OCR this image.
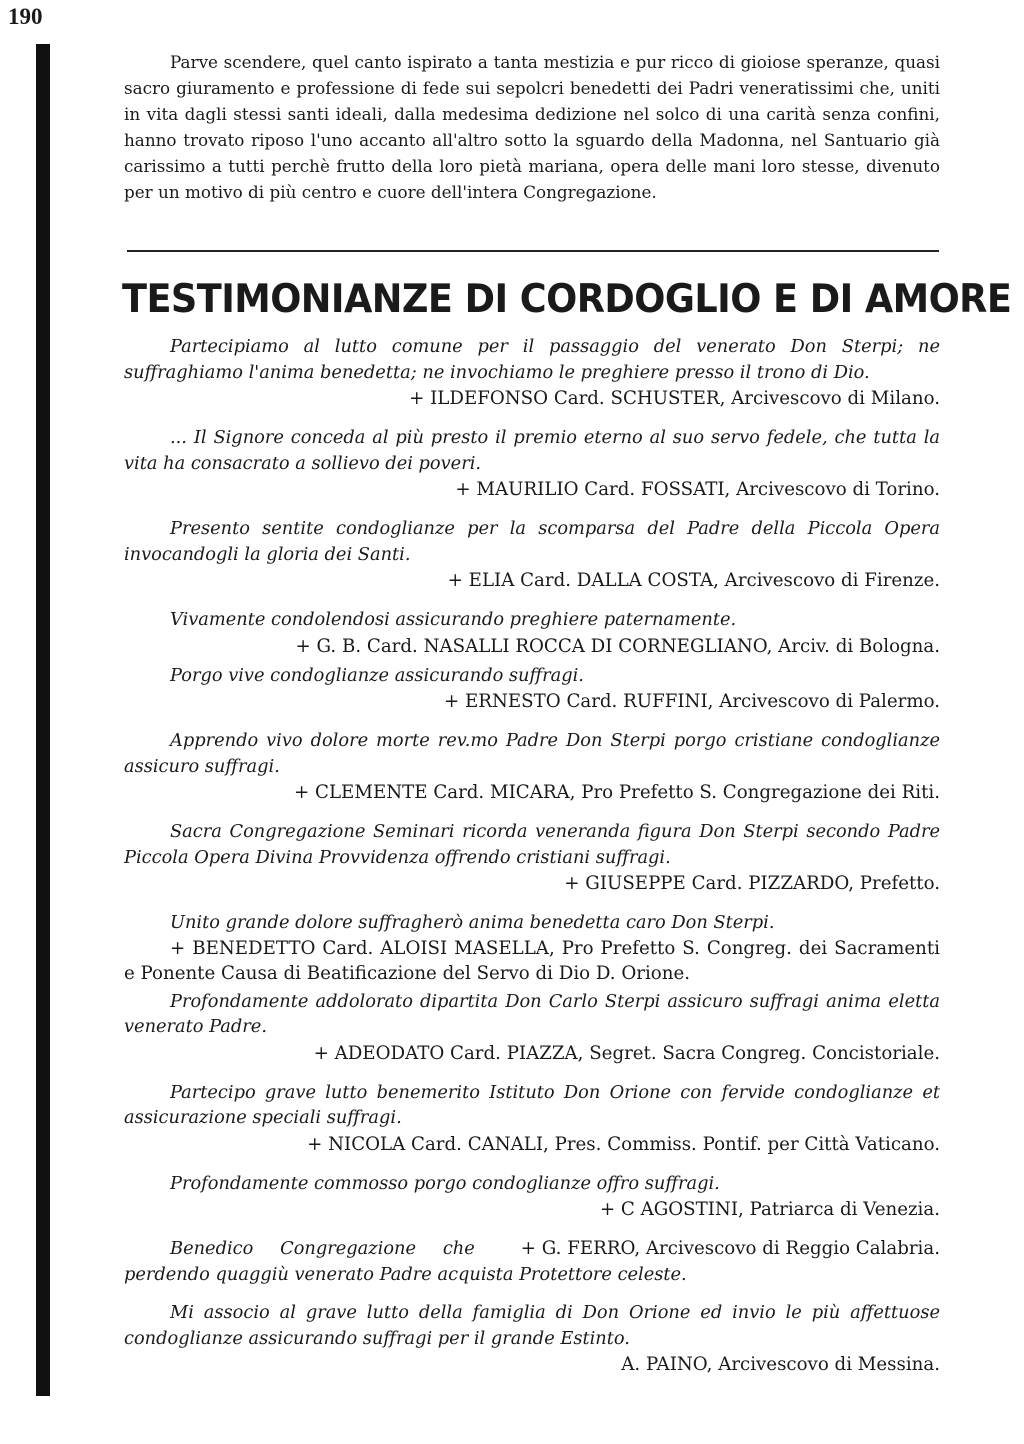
190

Parve scendere, quel canto ispirato a tanta mestizia e pur ricco di gioiose speranze, quasi sacro giuramento e professione di fede sui sepolcri benedetti dei Padri veneratissimi che, uniti in vita dagli stessi santi ideali, dalla medesima dedizione nel solco di una carità senza confini, hanno trovato riposo l'uno accanto all'altro sotto la sguardo della Madonna, nel Santuario già carissimo a tutti perchè frutto della loro pietà mariana, opera delle mani loro stesse, divenuto per un motivo di più centro e cuore dell'intera Congregazione.

TESTIMONIANZE DI CORDOGLIO E DI AMORE

Partecipiamo al lutto comune per il passaggio del venerato Don Sterpi; ne suffraghiamo l'anima benedetta; ne invochiamo le preghiere presso il trono di Dio.

+ ILDEFONSO Card. SCHUSTER, Arcivescovo di Milano.

... Il Signore conceda al più presto il premio eterno al suo servo fedele, che tutta la vita ha consacrato a sollievo dei poveri.

+ MAURILIO Card. FOSSATI, Arcivescovo di Torino.

Presento sentite condoglianze per la scomparsa del Padre della Piccola Opera invocandogli la gloria dei Santi.

+ ELIA Card. DALLA COSTA, Arcivescovo di Firenze.

Vivamente condolendosi assicurando preghiere paternamente.

+ G. B. Card. NASALLI ROCCA DI CORNEGLIANO, Arciv. di Bologna.

Porgo vive condoglianze assicurando suffragi.

+ ERNESTO Card. RUFFINI, Arcivescovo di Palermo.

Apprendo vivo dolore morte rev.mo Padre Don Sterpi porgo cristiane condoglianze assicuro suffragi.

+ CLEMENTE Card. MICARA, Pro Prefetto S. Congregazione dei Riti.

Sacra Congregazione Seminari ricorda veneranda figura Don Sterpi secondo Padre Piccola Opera Divina Provvidenza offrendo cristiani suffragi.

+ GIUSEPPE Card. PIZZARDO, Prefetto.

Unito grande dolore suffragherò anima benedetta caro Don Sterpi.

+ BENEDETTO Card. ALOISI MASELLA, Pro Prefetto S. Congreg. dei Sacramenti e Ponente Causa di Beatificazione del Servo di Dio D. Orione.

Profondamente addolorato dipartita Don Carlo Sterpi assicuro suffragi anima eletta venerato Padre.

+ ADEODATO Card. PIAZZA, Segret. Sacra Congreg. Concistoriale.

Partecipo grave lutto benemerito Istituto Don Orione con fervide condoglianze et assicurazione speciali suffragi.

+ NICOLA Card. CANALI, Pres. Commiss. Pontif. per Città Vaticano.

Profondamente commosso porgo condoglianze offro suffragi.

+ C AGOSTINI, Patriarca di Venezia.

+ G. FERRO, Arcivescovo di Reggio Calabria.
Benedico Congregazione che perdendo quaggiù venerato Padre acquista Protettore celeste.

Mi associo al grave lutto della famiglia di Don Orione ed invio le più affettuose condoglianze assicurando suffragi per il grande Estinto.

A. PAINO, Arcivescovo di Messina.
